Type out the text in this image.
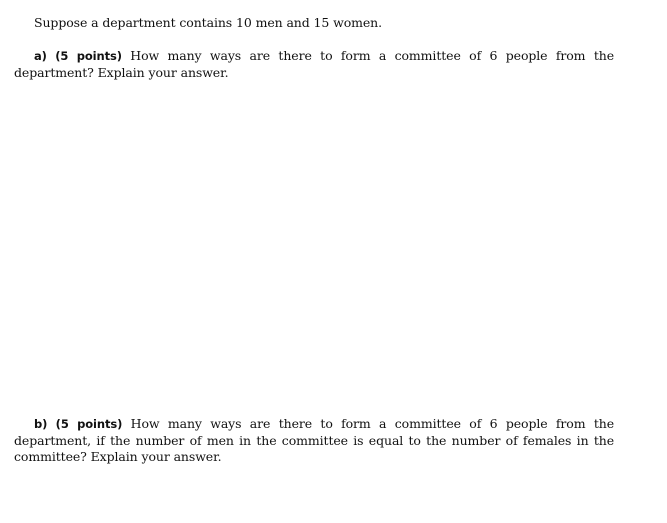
Suppose a department contains 10 men and 15 women.
a) (5 points) How many ways are there to form a committee of 6 people from the department? Explain your answer.
b) (5 points) How many ways are there to form a committee of 6 people from the department, if the number of men in the committee is equal to the number of females in the committee? Explain your answer.
